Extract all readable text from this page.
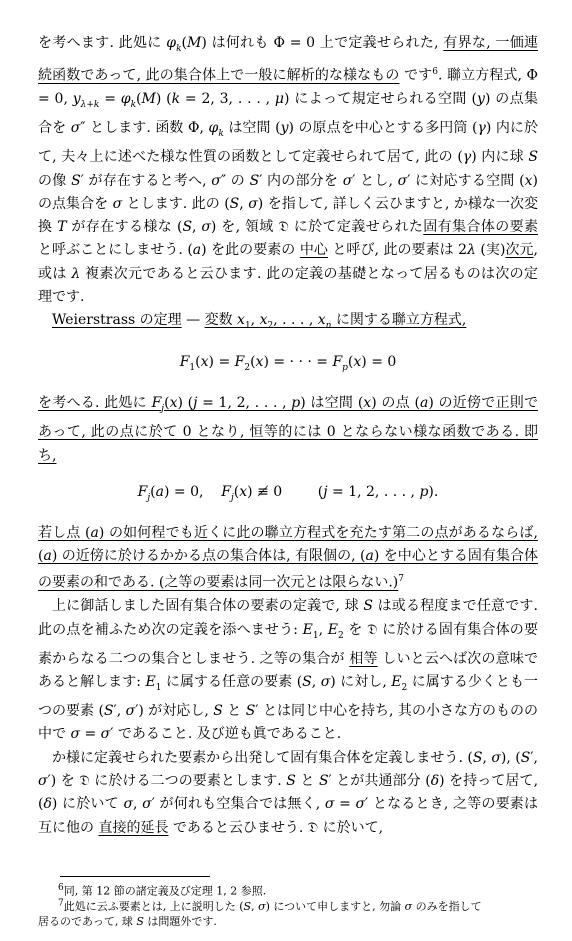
を考へます. 此処に $\varphi_k(M)$ は何れも Φ = 0 上で定義せられた, 有界な, 一価連続函数であって, 此の集合体上で一般に解析的な様なもの です$^6$. 聯立方程式, Φ = 0, $y_{\lambda+k} = \varphi_k(M) (k = 2$, 3, . . . , μ) によって規定せられる空間 (y) の点集合を σ″ とします. 函数 Φ, $\varphi_k$ は空間 (y) の原点を中心とする多円筒 (γ) 内に於て, 夫々上に述べた様な性質の函数として定義せられて居て, 此の (γ) 内に球 S の像 S′ が存在すると考へ, σ″ の S′ 内の部分を σ′ とし, σ′ に対応する空間 (x) の点集合を σ とします. 此の (S, σ) を指して, 詳しく云ひますと, か様な一次変換 T が存在する様な (S, σ) を, 領域 𝔇 に於て定義せられた固有集合体の要素 と呼ぶことにしませう. (a) を此の要素の 中心 と呼び, 此の要素は 2λ (実)次元, 或は λ 複素次元であると云ひます. 此の定義の基礎となって居るものは次の定理です.

　Weierstrass の定理 — 変数 $x_1$, $x_2$, . . . , $x_n$ に関する聯立方程式,

$F_1(x) = F_2(x)$ = · · · = $F_p(x) = 0$

を考へる. 此処に $F_j(x) (j = 1$, 2, . . . , p) は空間 (x) の点 (a) の近傍で正則であって, 此の点に於て 0 となり, 恒等的には 0 とならない様な函数である. 即ち,

$F_j(a) = 0$,    $F_j(x)$ ≢ 0        (j = 1, 2, . . . , p).

若し点 (a) の如何程でも近くに此の聯立方程式を充たす第二の点があるならば, (a) の近傍に於けるかかる点の集合体は, 有限個の, (a) を中心とする固有集合体の要素の和である. (之等の要素は同一次元とは限らない.)$^7$

上に御話しました固有集合体の要素の定義で, 球 S は或る程度まで任意です. 此の点を補ふため次の定義を添へませう: $E_1$, $E_2$ を 𝔇 に於ける固有集合体の要素からなる二つの集合としませう. 之等の集合が 相等 しいと云へば次の意味であると解します: $E_1$ に属する任意の要素 (S, σ) に対し, $E_2$ に属する少くとも一つの要素 (S′, σ′) が対応し, S と S′ とは同じ中心を持ち, 其の小さな方のものの中で σ = σ′ であること. 及び逆も眞であること.

か様に定義せられた要素から出発して固有集合体を定義しませう. (S, σ), (S′, σ′) を 𝔇 に於ける二つの要素とします. S と S′ とが共通部分 (δ) を持って居て, (δ) に於いて σ, σ′ が何れも空集合では無く, σ = σ′ となるとき, 之等の要素は互に他の 直接的延長 であると云ひませう. 𝔇 に於いて,

$^6$同, 第 12 節の諸定義及び定理 1, 2 参照.
$^7$此処に云ふ要素とは, 上に説明した (S, σ) について申しますと, 勿論 σ のみを指して
居るのであって, 球 S は問題外です.
